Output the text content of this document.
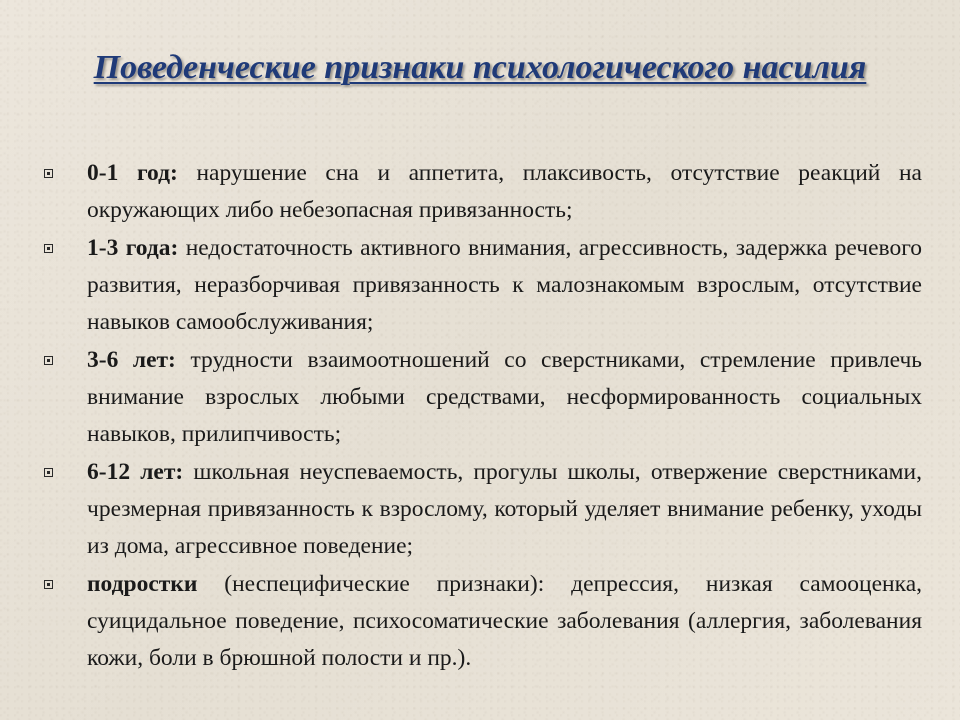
Поведенческие признаки психологического насилия
0-1 год: нарушение сна и аппетита, плаксивость, отсутствие реакций на окружающих либо небезопасная привязанность;
1-3 года: недостаточность активного внимания, агрессивность, задержка речевого развития, неразборчивая привязанность к малознакомым взрослым, отсутствие навыков самообслуживания;
3-6 лет: трудности взаимоотношений со сверстниками, стремление привлечь внимание взрослых любыми средствами, несформированность социальных навыков, прилипчивость;
6-12 лет: школьная неуспеваемость, прогулы школы, отвержение сверстниками, чрезмерная привязанность к взрослому, который уделяет внимание ребенку, уходы из дома, агрессивное поведение;
подростки (неспецифические признаки): депрессия, низкая самооценка, суицидальное поведение, психосоматические заболевания (аллергия, заболевания кожи, боли в брюшной полости и пр.).
